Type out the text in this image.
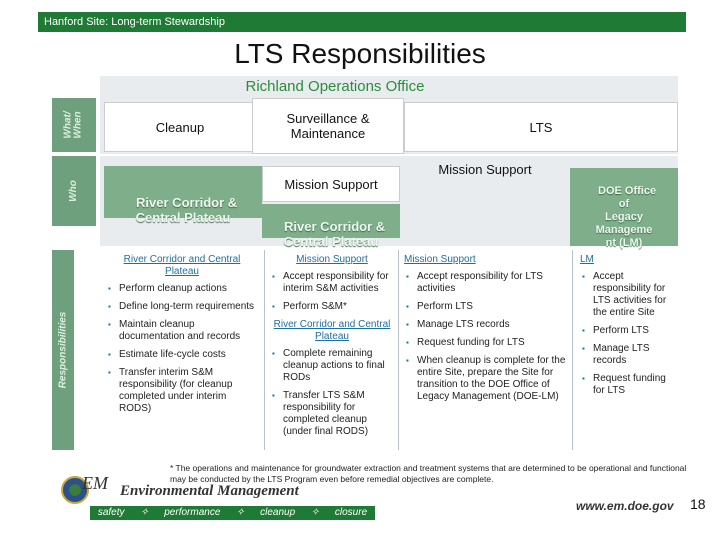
Hanford Site: Long-term Stewardship
LTS Responsibilities
What/
When
Who
Responsibilities
Richland Operations Office
Cleanup
Surveillance &
Maintenance	LTS

River Corridor &
Central Plateau

Mission Support

River Corridor &
Central Plateau

Mission Support

DOE Office
of
Legacy
Manageme
nt (LM)

River Corridor and Central Plateau
▪ Perform cleanup actions
▪ Define long-term requirements
▪ Maintain cleanup documentation and records
▪ Estimate life-cycle costs
▪ Transfer interim S&M responsibility (for cleanup completed under interim RODS)
Mission Support
▪ Accept responsibility for interim S&M activities
▪ Perform S&M*
River Corridor and Central Plateau
▪ Complete remaining cleanup actions to final RODs
▪ Transfer LTS S&M responsibility for completed cleanup (under final RODS)
Mission Support
▪ Accept responsibility for LTS activities
▪ Perform LTS
▪ Manage LTS records
▪ Request funding for LTS
▪ When cleanup is complete for the entire Site, prepare the Site for transition to the DOE Office of Legacy Management (DOE-LM)
LM
▪ Accept responsibility for LTS activities for the entire Site
▪ Perform LTS
▪ Manage LTS records
▪ Request funding for LTS
* The operations and maintenance for groundwater extraction and treatment systems that are determined to be operational and functional may be conducted by the LTS Program even before remedial objectives are complete.
EM Environmental Management
safety ✧ performance ✧ cleanup ✧ closure	www.em.doe.gov 18
